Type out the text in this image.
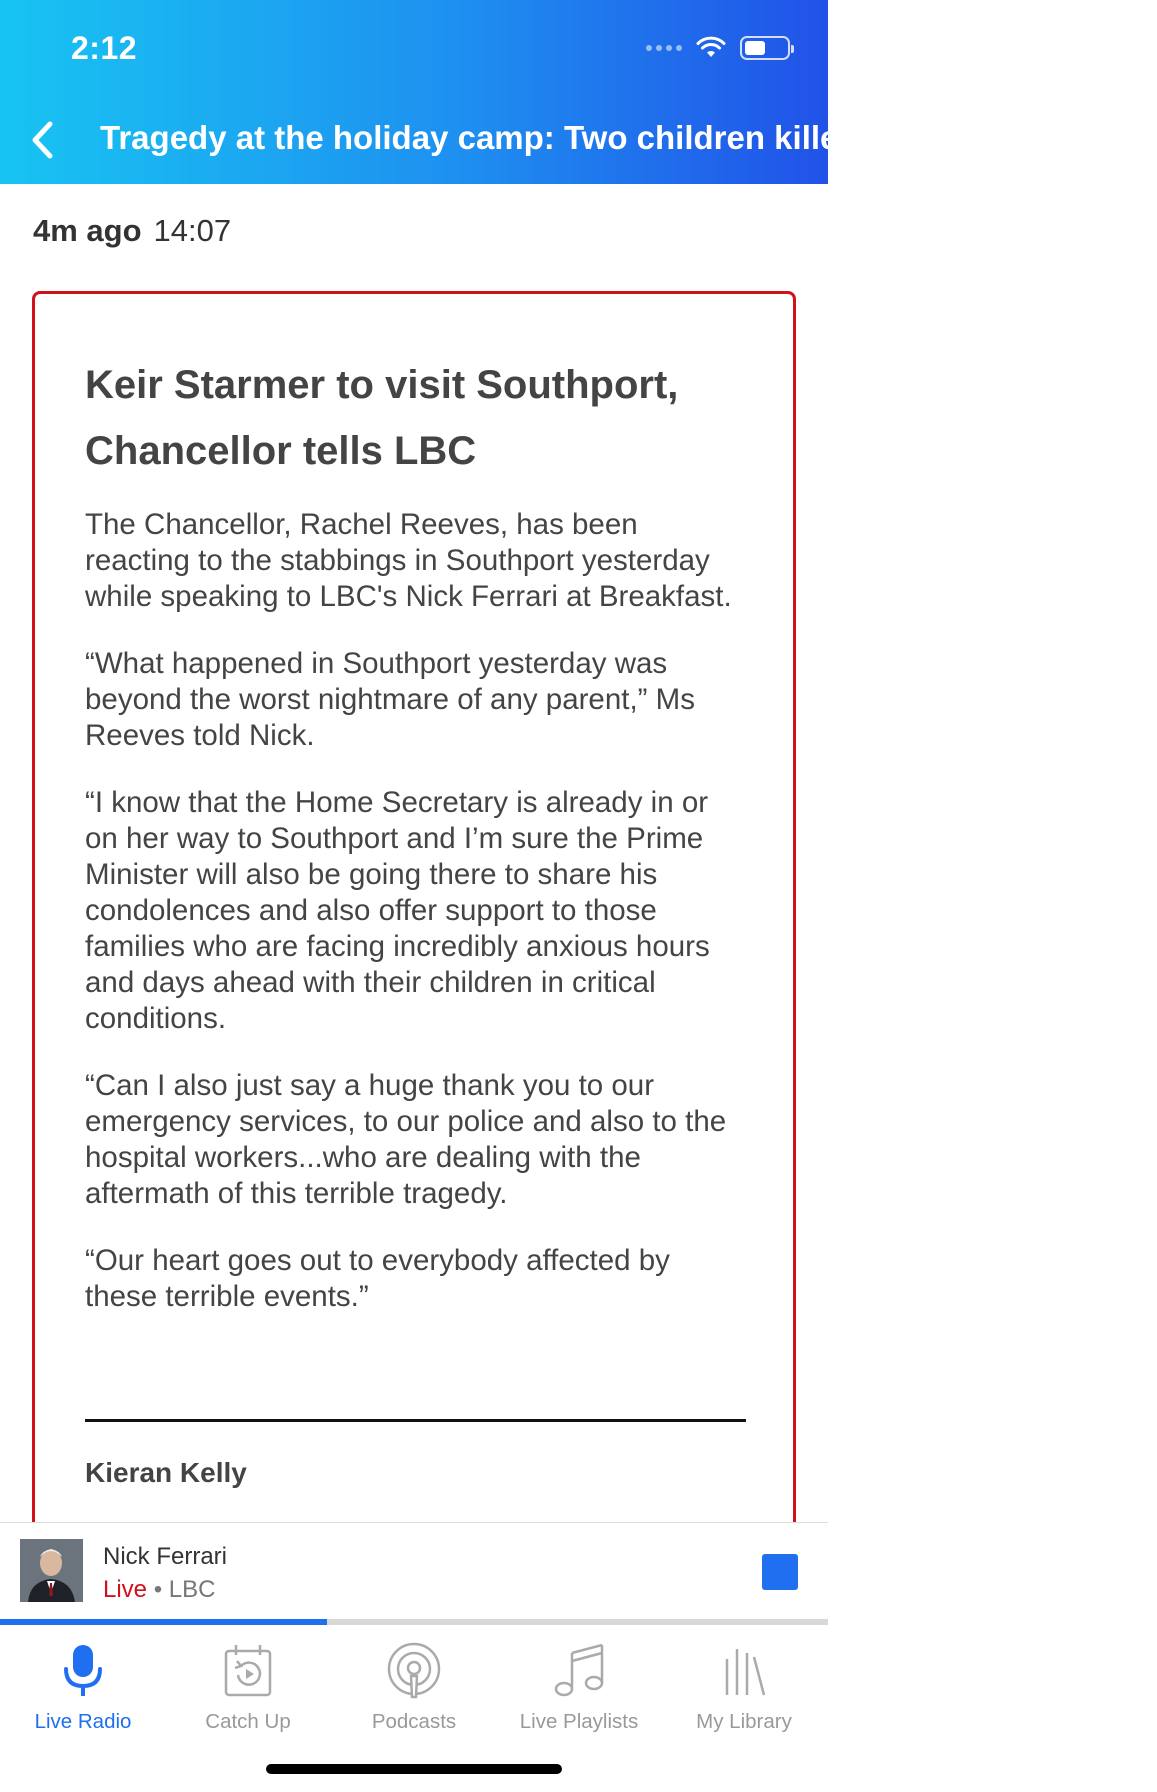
2:12
Tragedy at the holiday camp: Two children killed and eleven injured
4m ago 14:07
Keir Starmer to visit Southport, Chancellor tells LBC

The Chancellor, Rachel Reeves, has been reacting to the stabbings in Southport yesterday while speaking to LBC's Nick Ferrari at Breakfast.

“What happened in Southport yesterday was beyond the worst nightmare of any parent,” Ms Reeves told Nick.

“I know that the Home Secretary is already in or on her way to Southport and I’m sure the Prime Minister will also be going there to share his condolences and also offer support to those families who are facing incredibly anxious hours and days ahead with their children in critical conditions.

“Can I also just say a huge thank you to our emergency services, to our police and also to the hospital workers...who are dealing with the aftermath of this terrible tragedy.

“Our heart goes out to everybody affected by these terrible events.”

Kieran Kelly
Nick Ferrari
Live • LBC
Live Radio	Catch Up	Podcasts	Live Playlists	My Library
